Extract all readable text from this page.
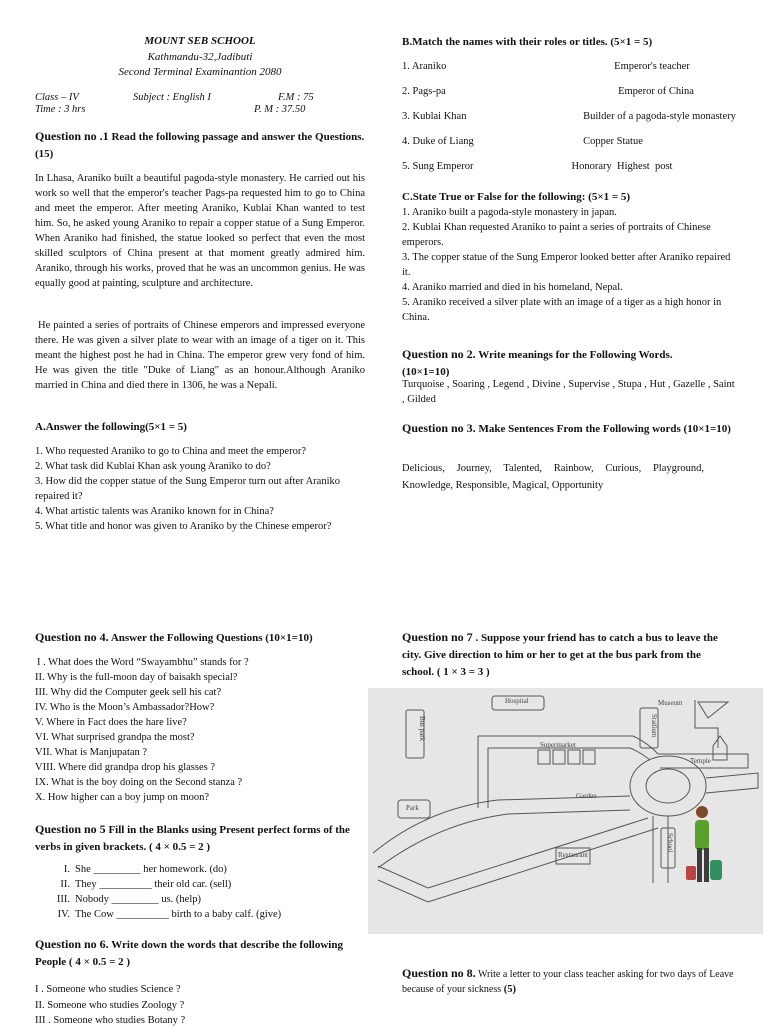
MOUNT SEB SCHOOL
Kathmandu-32,Jadibuti
Second Terminal Examinantion 2080
Class – IV	Subject : English I	F.M : 75
Time : 3 hrs	P. M : 37.50
Question no .1 Read the following passage and answer the Questions.(15)
In Lhasa, Araniko built a beautiful pagoda-style monastery. He carried out his work so well that the emperor's teacher Pags-pa requested him to go to China and meet the emperor. After meeting Araniko, Kublai Khan wanted to test him. So, he asked young Araniko to repair a copper statue of a Sung Emperor. When Araniko had finished, the statue looked so perfect that even the most skilled sculptors of China present at that moment greatly admired him. Araniko, through his works, proved that he was an uncommon genius. He was equally good at painting, sculpture and architecture.
He painted a series of portraits of Chinese emperors and impressed everyone there. He was given a silver plate to wear with an image of a tiger on it. This meant the highest post he had in China. The emperor grew very fond of him. He was given the title "Duke of Liang" as an honour.Although Araniko married in China and died there in 1306, he was a Nepali.
A.Answer the following(5×1 = 5)
1. Who requested Araniko to go to China and meet the emperor?
2. What task did Kublai Khan ask young Araniko to do?
3. How did the copper statue of the Sung Emperor turn out after Araniko repaired it?
4. What artistic talents was Araniko known for in China?
5. What title and honor was given to Araniko by the Chinese emperor?
B.Match the names with their roles or titles. (5×1 = 5)
1. Araniko	Emperor's teacher
2. Pags-pa	Emperor of China
3. Kublai Khan	Builder of a pagoda-style monastery
4. Duke of Liang	Copper Statue
5. Sung Emperor	Honorary  Highest  post
C.State True or False for the following: (5×1 = 5)
1. Araniko built a pagoda-style monastery in japan.
2. Kublai Khan requested Araniko to paint a series of portraits of Chinese emperors.
3. The copper statue of the Sung Emperor looked better after Araniko repaired it.
4. Araniko married and died in his homeland, Nepal.
5. Araniko received a silver plate with an image of a tiger as a high honor in China.
Question no 2. Write meanings for the Following Words.(10×1=10)
Turquoise , Soaring , Legend , Divine , Supervise , Stupa , Hut , Gazelle , Saint , Gilded
Question no 3. Make Sentences From the Following words (10×1=10)
Delicious, Journey, Talented, Rainbow, Curious, Playground, Knowledge, Responsible, Magical, Opportunity
Question no 4. Answer the Following Questions (10×1=10)
I . What does the Word “Swayambhu” stands for ?
II. Why is the full-moon day of baisakh special?
III. Why did the Computer geek sell his cat?
IV. Who is the Moon’s Ambassador?How?
V. Where in Fact does the hare live?
VI. What surprised grandpa the most?
VII. What is Manjupatan ?
VIII. Where did grandpa drop his glasses ?
IX. What is the boy doing on the Second stanza ?
X. How higher can a boy jump on moon?
Question no 5 Fill in the Blanks using Present perfect forms of the verbs in given brackets. ( 4 × 0.5 = 2 )
I. She _________ her homework. (do)
II. They __________ their old car. (sell)
III. Nobody _________ us. (help)
IV. The Cow __________ birth to a baby calf. (give)
Question no 6. Write down the words that describe the following People ( 4 × 0.5 = 2 )
I . Someone who studies Science ?
II. Someone who studies Zoology ?
III . Someone who studies Botany ?
Question no 7 . Suppose your friend has to catch a bus to leave the city. Give direction to him or her to get at the bus park from the school. ( 1 × 3 = 3 )
Hospital	Museum
Bus park	Stadium
Supermarket
Temple
Garden
Park
Restaurant
School
Question no 8. Write a letter to your class teacher asking for two days of Leave because of your sickness (5)
